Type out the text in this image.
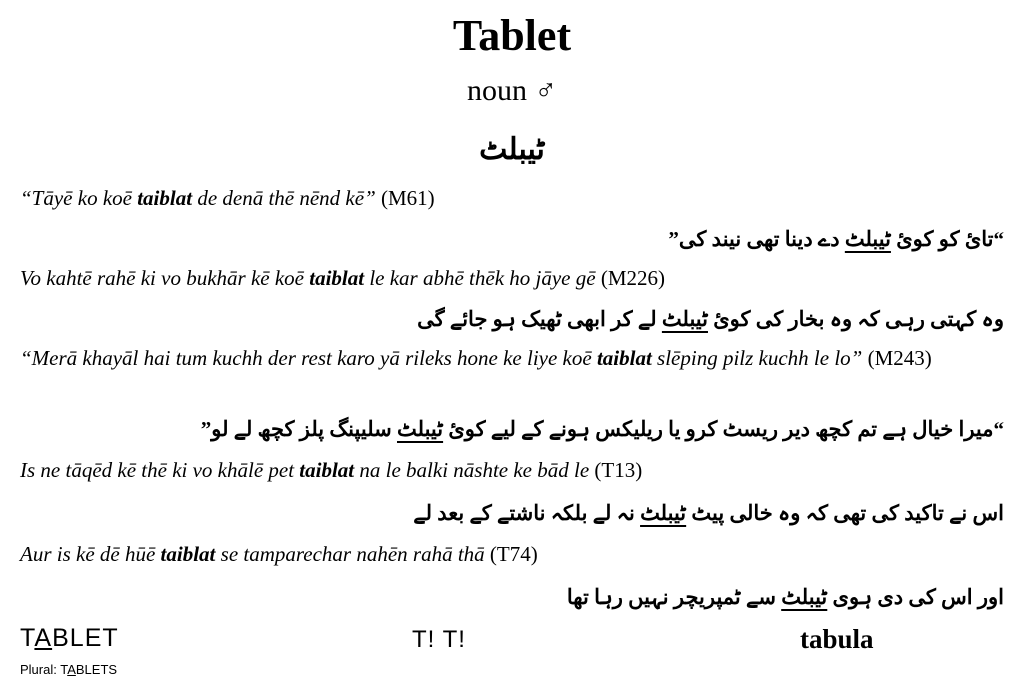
Tablet
noun ♂
ٹیبلٹ
“Tāyē ko koē taiblat de denā thē nēnd kē” (M61)
“تائ کو کوئ ٹیبلٹ دے دینا تھی نیند کی”
Vo kahtē rahē ki vo bukhār kē koē taiblat le kar abhē thēk ho jāye gē (M226)
وہ کہتی رہی کہ وہ بخار کی کوئ ٹیبلٹ لے کر ابھی ٹھیک ہو جائے گی
“Merā khayāl hai tum kuchh der rest karo yā rileks hone ke liye koē taiblat slēping pilz kuchh le lo” (M243)
“میرا خیال ہے تم کچھ دیر ریسٹ کرو یا ریلیکس ہونے کے لیے کوئ ٹیبلٹ سلیپنگ پلز کچھ لے لو”
Is ne tāqēd kē thē ki vo khālē pet taiblat na le balki nāshte ke bād le (T13)
اس نے تاکید کی تھی کہ وہ خالی پیٹ ٹیبلٹ نہ لے بلکہ ناشتے کے بعد لے
Aur is kē dē hūē taiblat se tamparechar nahēn rahā thā (T74)
اور اس کی دی ہوی ٹیبلٹ سے ٹمپریچر نہیں رہا تھا
TABLET
Plural: TABLETS
T! T!	tabula
